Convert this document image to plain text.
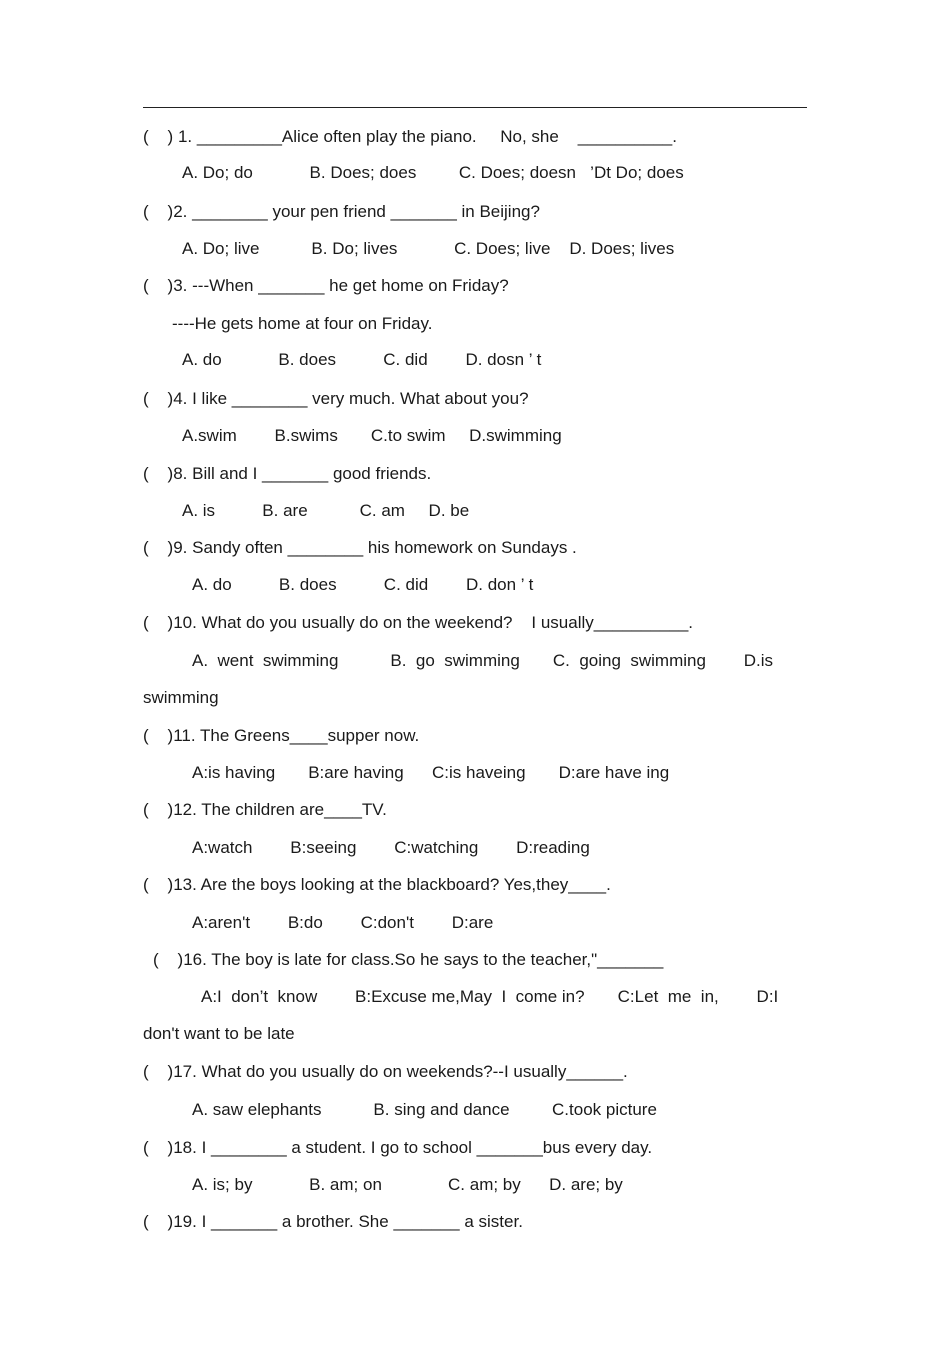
(    ) 1. _________Alice often play the piano.     No, she    __________.
A. Do; do            B. Does; does         C. Does; doesn   ’Dt Do; does
(    )2. ________ your pen friend _______ in Beijing?
A. Do; live           B. Do; lives            C. Does; live    D. Does; lives
(    )3. ---When _______ he get home on Friday?
----He gets home at four on Friday.
A. do            B. does          C. did        D. dosn ’ t
(    )4. I like ________ very much. What about you?
A.swim        B.swims       C.to swim     D.swimming
(    )8. Bill and I _______ good friends.
A. is          B. are           C. am     D. be
(    )9. Sandy often ________ his homework on Sundays .
A. do          B. does          C. did        D. don ’ t
(    )10. What do you usually do on the weekend?    I usually__________.
A.  went  swimming           B.  go  swimming       C.  going  swimming        D.is
swimming
(    )11. The Greens____supper now.
A:is having       B:are having      C:is haveing       D:are have ing
(    )12. The children are____TV.
A:watch        B:seeing        C:watching        D:reading
(    )13. Are the boys looking at the blackboard? Yes,they____.
A:aren't        B:do        C:don't        D:are
(    )16. The boy is late for class.So he says to the teacher,"_______
A:I  don’t  know        B:Excuse me,May  I  come in?       C:Let  me  in,        D:I
don't want to be late
(    )17. What do you usually do on weekends?--I usually______.
A. saw elephants           B. sing and dance         C.took picture
(    )18. I ________ a student. I go to school _______bus every day.
A. is; by            B. am; on              C. am; by      D. are; by
(    )19. I _______ a brother. She _______ a sister.
